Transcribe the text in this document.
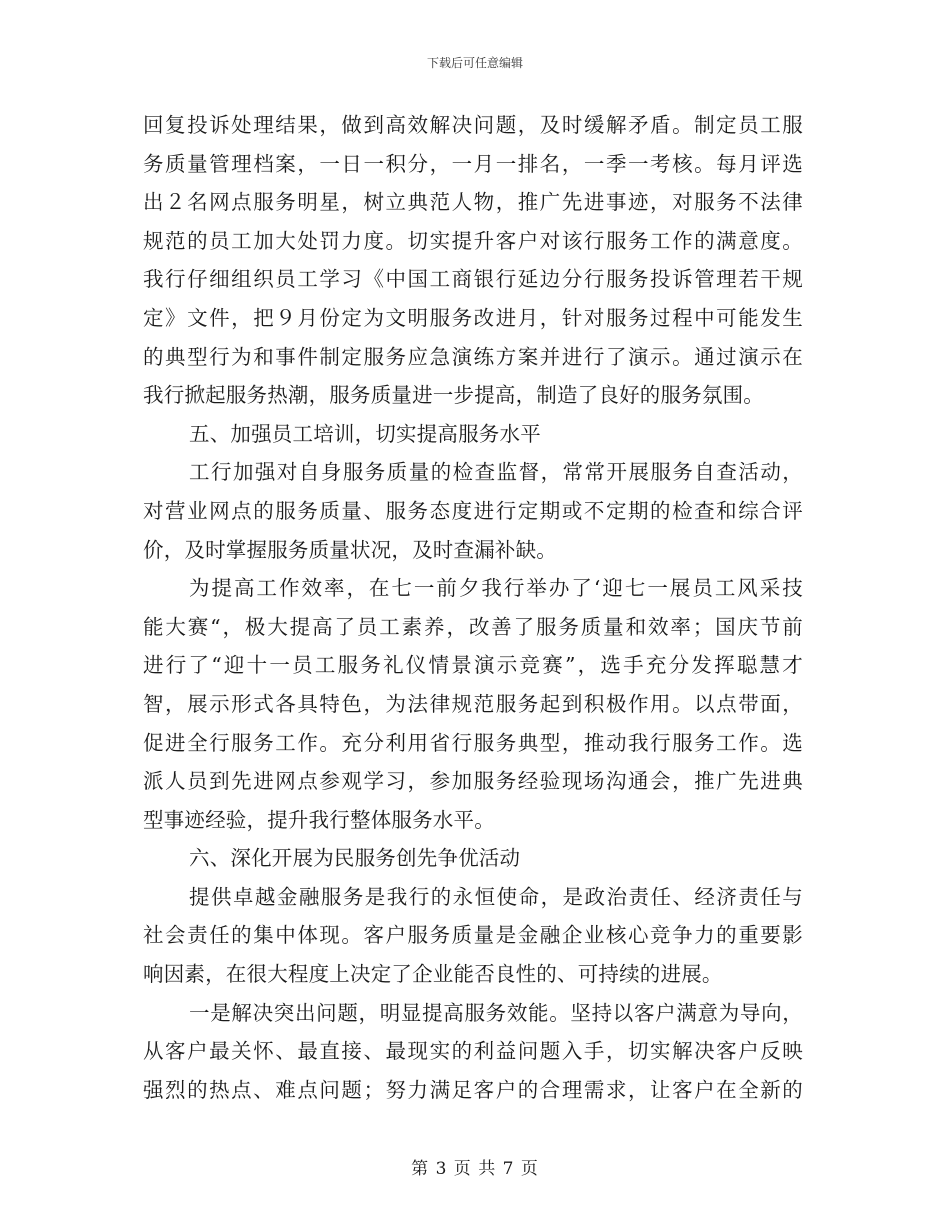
下载后可任意编辑
回复投诉处理结果，做到高效解决问题，及时缓解矛盾。制定员工服
务质量管理档案，一日一积分，一月一排名，一季一考核。每月评选
出２名网点服务明星，树立典范人物，推广先进事迹，对服务不法律
规范的员工加大处罚力度。切实提升客户对该行服务工作的满意度。
我行仔细组织员工学习《中国工商银行延边分行服务投诉管理若干规
定》文件，把９月份定为文明服务改进月，针对服务过程中可能发生
的典型行为和事件制定服务应急演练方案并进行了演示。通过演示在
我行掀起服务热潮，服务质量进一步提高，制造了良好的服务氛围。
五、加强员工培训，切实提高服务水平
工行加强对自身服务质量的检查监督，常常开展服务自查活动，
对营业网点的服务质量、服务态度进行定期或不定期的检查和综合评
价，及时掌握服务质量状况，及时查漏补缺。
为提高工作效率，在七一前夕我行举办了‘迎七一展员工风采技
能大赛“，极大提高了员工素养，改善了服务质量和效率；国庆节前
进行了“迎十一员工服务礼仪情景演示竞赛”，选手充分发挥聪慧才
智，展示形式各具特色，为法律规范服务起到积极作用。以点带面，
促进全行服务工作。充分利用省行服务典型，推动我行服务工作。选
派人员到先进网点参观学习，参加服务经验现场沟通会，推广先进典
型事迹经验，提升我行整体服务水平。
六、深化开展为民服务创先争优活动
提供卓越金融服务是我行的永恒使命，是政治责任、经济责任与
社会责任的集中体现。客户服务质量是金融企业核心竞争力的重要影
响因素，在很大程度上决定了企业能否良性的、可持续的进展。
一是解决突出问题，明显提高服务效能。坚持以客户满意为导向，
从客户最关怀、最直接、最现实的利益问题入手，切实解决客户反映
强烈的热点、难点问题；努力满足客户的合理需求，让客户在全新的
第 3 页 共 7 页
